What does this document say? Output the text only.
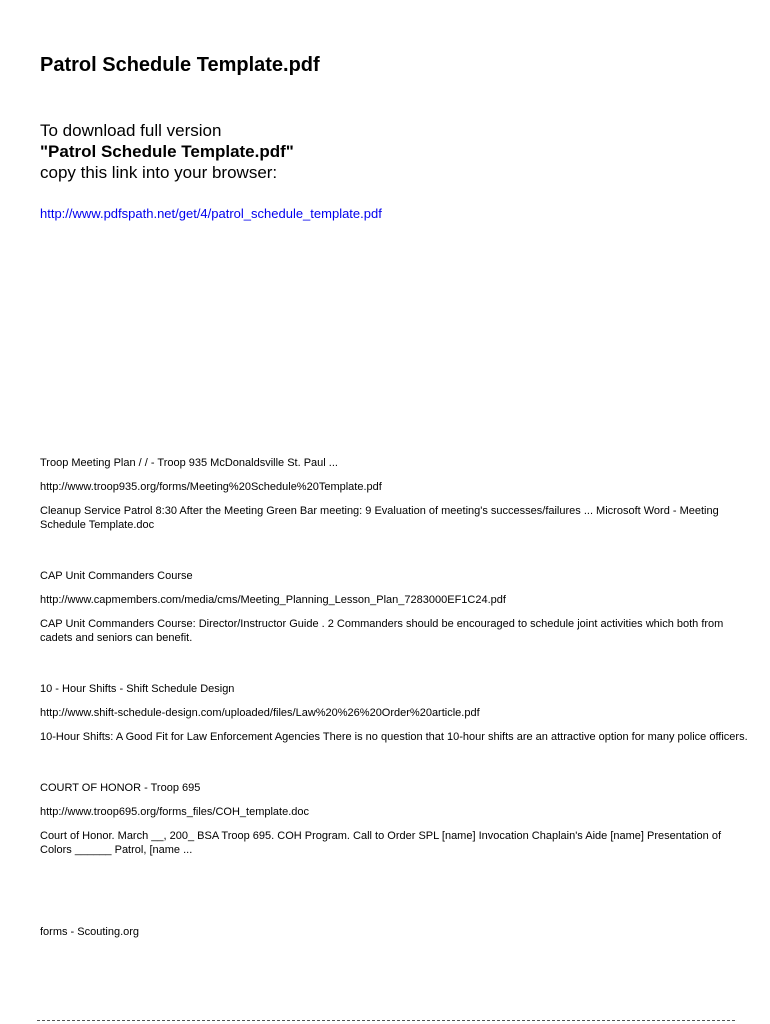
Patrol Schedule Template.pdf
To download full version
"Patrol Schedule Template.pdf"
copy this link into your browser:
http://www.pdfspath.net/get/4/patrol_schedule_template.pdf

Troop Meeting Plan / / - Troop 935 McDonaldsville St. Paul ...

http://www.troop935.org/forms/Meeting%20Schedule%20Template.pdf

Cleanup Service Patrol 8:30 After the Meeting Green Bar meeting: 9 Evaluation of meeting's successes/failures ... Microsoft Word - Meeting Schedule Template.doc

CAP Unit Commanders Course

http://www.capmembers.com/media/cms/Meeting_Planning_Lesson_Plan_7283000EF1C24.pdf

CAP Unit Commanders Course: Director/Instructor Guide . 2 Commanders should be encouraged to schedule joint activities which both from cadets and seniors can benefit.

10 - Hour Shifts - Shift Schedule Design

http://www.shift-schedule-design.com/uploaded/files/Law%20%26%20Order%20article.pdf

10-Hour Shifts: A Good Fit for Law Enforcement Agencies There is no question that 10-hour shifts are an attractive option for many police officers.

COURT OF HONOR - Troop 695

http://www.troop695.org/forms_files/COH_template.doc

Court of Honor. March __, 200_ BSA Troop 695. COH Program. Call to Order SPL [name] Invocation Chaplain's Aide [name] Presentation of Colors ______ Patrol, [name ...

forms - Scouting.org
